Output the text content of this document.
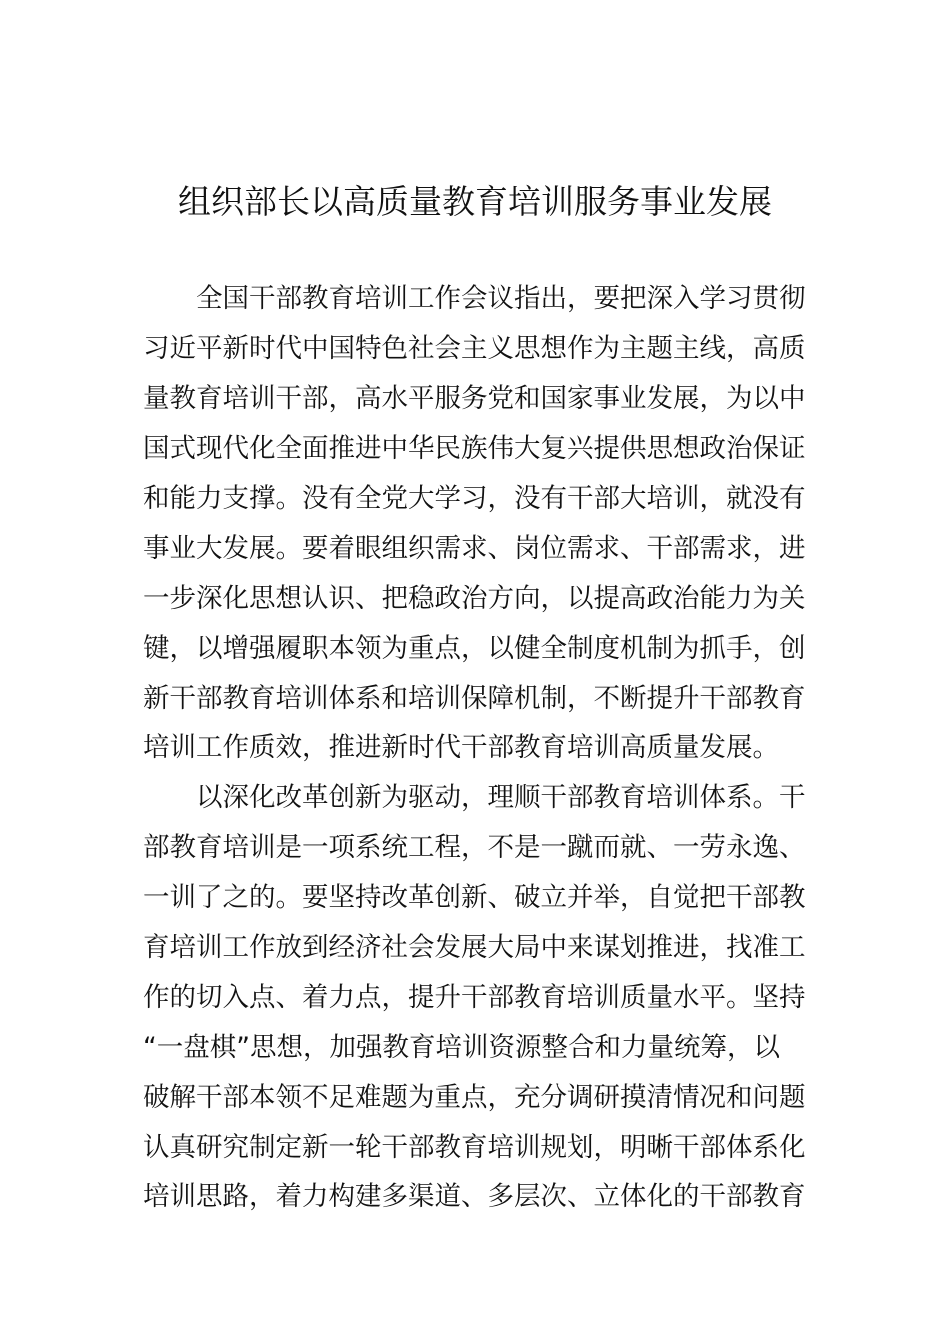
组织部长以高质量教育培训服务事业发展
全国干部教育培训工作会议指出，要把深入学习贯彻
习近平新时代中国特色社会主义思想作为主题主线，高质
量教育培训干部，高水平服务党和国家事业发展，为以中
国式现代化全面推进中华民族伟大复兴提供思想政治保证
和能力支撑。没有全党大学习，没有干部大培训，就没有
事业大发展。要着眼组织需求、岗位需求、干部需求，进
一步深化思想认识、把稳政治方向，以提高政治能力为关
键，以增强履职本领为重点，以健全制度机制为抓手，创
新干部教育培训体系和培训保障机制，不断提升干部教育
培训工作质效，推进新时代干部教育培训高质量发展。
以深化改革创新为驱动，理顺干部教育培训体系。干
部教育培训是一项系统工程，不是一蹴而就、一劳永逸、
一训了之的。要坚持改革创新、破立并举，自觉把干部教
育培训工作放到经济社会发展大局中来谋划推进，找准工
作的切入点、着力点，提升干部教育培训质量水平。坚持
“一盘棋”思想，加强教育培训资源整合和力量统筹，以
破解干部本领不足难题为重点，充分调研摸清情况和问题
认真研究制定新一轮干部教育培训规划，明晰干部体系化
培训思路，着力构建多渠道、多层次、立体化的干部教育
